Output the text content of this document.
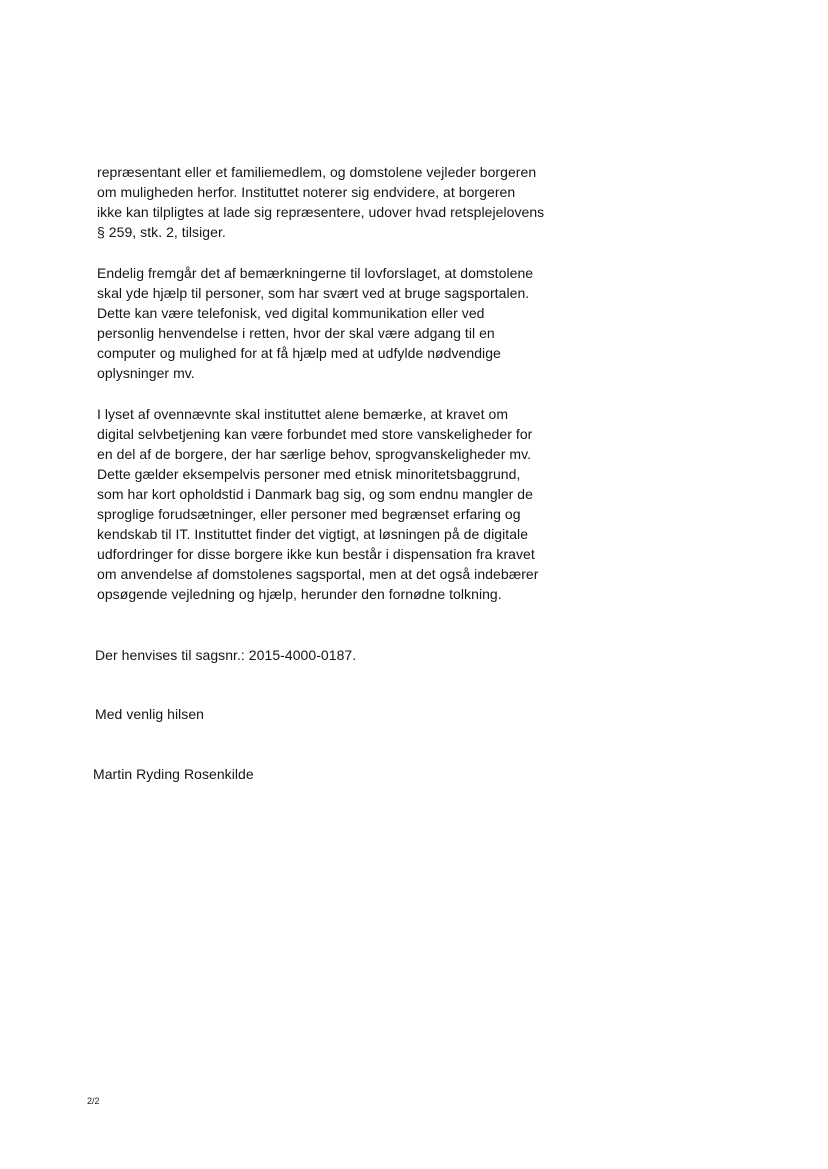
repræsentant eller et familiemedlem, og domstolene vejleder borgeren
om muligheden herfor. Instituttet noterer sig endvidere, at borgeren
ikke kan tilpligtes at lade sig repræsentere, udover hvad retsplejelovens
§ 259, stk. 2, tilsiger.

Endelig fremgår det af bemærkningerne til lovforslaget, at domstolene
skal yde hjælp til personer, som har svært ved at bruge sagsportalen.
Dette kan være telefonisk, ved digital kommunikation eller ved
personlig henvendelse i retten, hvor der skal være adgang til en
computer og mulighed for at få hjælp med at udfylde nødvendige
oplysninger mv.

I lyset af ovennævnte skal instituttet alene bemærke, at kravet om
digital selvbetjening kan være forbundet med store vanskeligheder for
en del af de borgere, der har særlige behov, sprogvanskeligheder mv.
Dette gælder eksempelvis personer med etnisk minoritetsbaggrund,
som har kort opholdstid i Danmark bag sig, og som endnu mangler de
sproglige forudsætninger, eller personer med begrænset erfaring og
kendskab til IT. Instituttet finder det vigtigt, at løsningen på de digitale
udfordringer for disse borgere ikke kun består i dispensation fra kravet
om anvendelse af domstolenes sagsportal, men at det også indebærer
opsøgende vejledning og hjælp, herunder den fornødne tolkning.

Der henvises til sagsnr.: 2015-4000-0187.

Med venlig hilsen

Martin Ryding Rosenkilde

2/2
